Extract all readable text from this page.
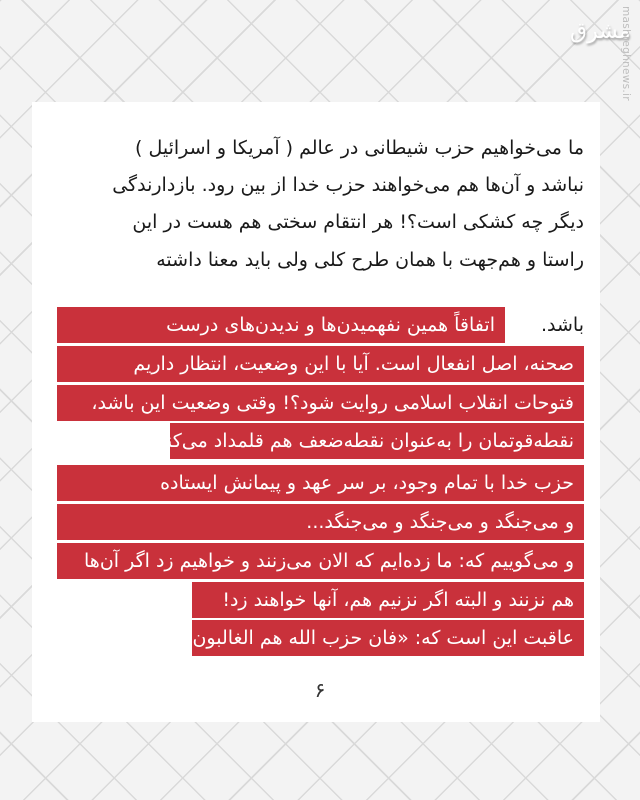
مشرق
mashreghnews.ir
ما می‌خواهیم حزب شیطانی در عالم ( آمریکا و اسرائیل )
نباشد و آن‌ها هم می‌خواهند حزب خدا از بین رود. بازدارندگی
دیگر چه کشکی است؟! هر انتقام سختی هم هست در این
راستا و هم‌جهت با همان طرح کلی ولی باید معنا داشته
باشد.
اتفاقاً همین نفهمیدن‌ها و ندیدن‌های درست
صحنه، اصل انفعال است. آیا با این وضعیت، انتظار داریم
فتوحات انقلاب اسلامی روایت شود؟! وقتی وضعیت این باشد،
نقطه‌قوتمان را به‌عنوان نقطه‌ضعف هم قلمداد می‌کنیم.
حزب خدا با تمام وجود، بر سر عهد و پیمانش ایستاده
و می‌جنگد و می‌جنگد و می‌جنگد...
و می‌گوییم که: ما زده‌ایم که الان می‌زنند و خواهیم زد اگر آن‌ها
هم نزنند و البته اگر نزنیم هم، آنها خواهند زد!
عاقبت این است که: «فان حزب الله هم الغالبون»
۶
